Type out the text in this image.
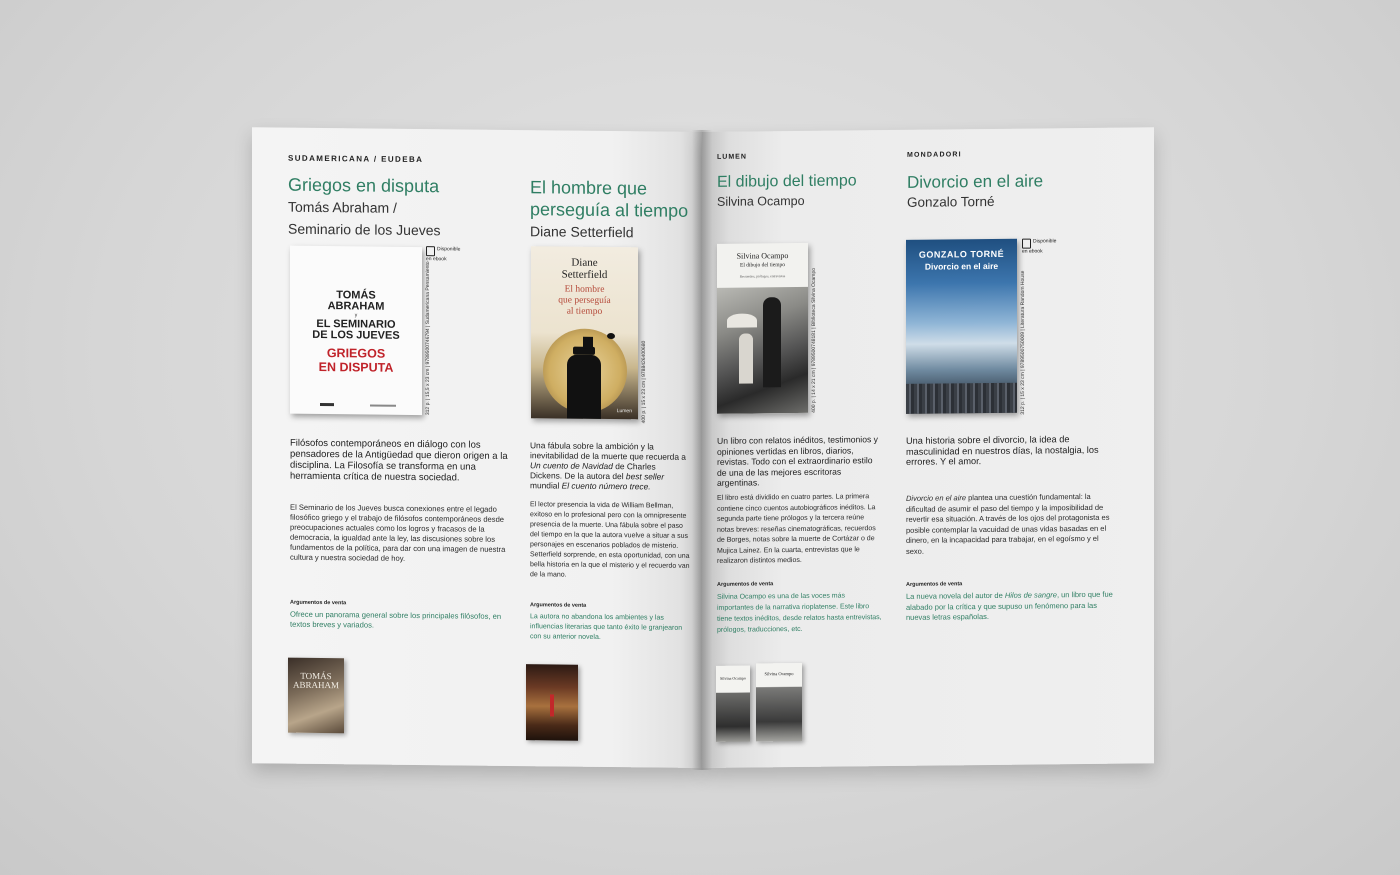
SUDAMERICANA / EUDEBA
Griegos en disputa

Tomás Abraham /

Seminario de los Jueves

TOMÁS
ABRAHAM
y
EL SEMINARIO
DE LOS JUEVES
GRIEGOS
EN DISPUTA	312 p. | 15,5 x 23 cm | 9789500746794 | Sudamericana Pensamiento
Disponible en ebook
Filósofos contemporáneos en diálogo con los pensadores de la Antigüedad que dieron origen a la disciplina. La Filosofía se transforma en una herramienta crítica de nuestra sociedad.
El Seminario de los Jueves busca conexiones entre el legado filosófico griego y el trabajo de filósofos contemporáneos desde preocupaciones actuales como los logros y fracasos de la democracia, la igualdad ante la ley, las discusiones sobre los fundamentos de la política, para dar con una imagen de nuestra cultura y nuestra sociedad de hoy.
Argumentos de venta
Ofrece un panorama general sobre los principales filósofos, en textos breves y variados.
TOMÁS
ABRAHAM
El hombre que
perseguía al tiempo

Diane Setterfield

Diane
Setterfield
El hombre
que perseguía
al tiempo
Lumen 400 p. | 15 x 23 cm | 9788426400680
Una fábula sobre la ambición y la inevitabilidad de la muerte que recuerda a Un cuento de Navidad de Charles Dickens. De la autora del best seller mundial El cuento número trece.
El lector presencia la vida de William Bellman, exitoso en lo profesional pero con la omnipresente presencia de la muerte. Una fábula sobre el paso del tiempo en la que la autora vuelve a situar a sus personajes en escenarios poblados de misterio. Setterfield sorprende, en esta oportunidad, con una bella historia en la que el misterio y el recuerdo van de la mano.
Argumentos de venta
La autora no abandona los ambientes y las influencias literarias que tanto éxito le granjearon con su anterior novela.
LUMEN
El dibujo del tiempo

Silvina Ocampo

Silvina Ocampo
El dibujo del tiempo
Recuerdos, prólogos, entrevistas	400 p. | 14 x 21 cm | 9789500748181 | Biblioteca Silvina Ocampo
Un libro con relatos inéditos, testimonios y opiniones vertidas en libros, diarios, revistas. Todo con el extraordinario estilo de una de las mejores escritoras argentinas.
El libro está dividido en cuatro partes. La primera contiene cinco cuentos autobiográficos inéditos. La segunda parte tiene prólogos y la tercera reúne notas breves: reseñas cinematográficas, recuerdos de Borges, notas sobre la muerte de Cortázar o de Mujica Lainez. En la cuarta, entrevistas que le realizaron distintos medios.
Argumentos de venta
Silvina Ocampo es una de las voces más importantes de la narrativa rioplatense. Este libro tiene textos inéditos, desde relatos hasta entrevistas, prólogos, traducciones, etc.
Silvina Ocampo
Silvina Ocampo
MONDADORI
Divorcio en el aire

Gonzalo Torné

GONZALO TORNÉ
Divorcio en el aire
312 p. | 15 x 23 cm | 9789500750009 | Literatura Random House
Disponible en ebook
Una historia sobre el divorcio, la idea de masculinidad en nuestros días, la nostalgia, los errores. Y el amor.
Divorcio en el aire plantea una cuestión fundamental: la dificultad de asumir el paso del tiempo y la imposibilidad de revertir esa situación. A través de los ojos del protagonista es posible contemplar la vacuidad de unas vidas basadas en el dinero, en la incapacidad para trabajar, en el egoísmo y el sexo.
Argumentos de venta
La nueva novela del autor de Hilos de sangre, un libro que fue alabado por la crítica y que supuso un fenómeno para las nuevas letras españolas.
